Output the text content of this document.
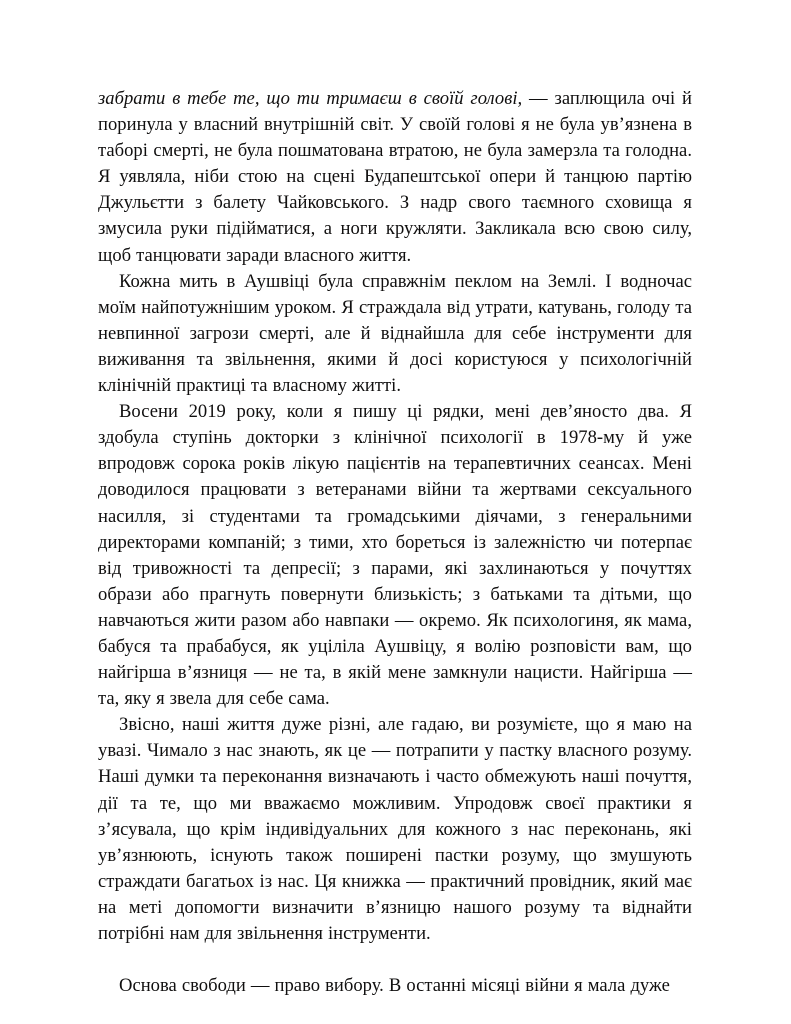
забрати в тебе те, що ти тримаєш в своїй голові, — заплющила очі й поринула у власний внутрішній світ. У своїй голові я не була ув’язнена в таборі смерті, не була пошматована втратою, не була замерзла та голодна. Я уявляла, ніби стою на сцені Будапештської опери й танцюю партію Джульєтти з балету Чайковського. З надр свого таємного сховища я змусила руки підійматися, а ноги кружляти. Закликала всю свою силу, щоб танцювати заради власного життя.

Кожна мить в Аушвіці була справжнім пеклом на Землі. І водночас моїм найпотужнішим уроком. Я страждала від утрати, катувань, голоду та невпинної загрози смерті, але й віднайшла для себе інструменти для виживання та звільнення, якими й досі користуюся у психологічній клінічній практиці та власному житті.

Восени 2019 року, коли я пишу ці рядки, мені дев’яносто два. Я здобула ступінь докторки з клінічної психології в 1978-му й уже впродовж сорока років лікую пацієнтів на терапевтичних сеансах. Мені доводилося працювати з ветеранами війни та жертвами сексуального насилля, зі студентами та громадськими діячами, з генеральними директорами компаній; з тими, хто бореться із залежністю чи потерпає від тривожності та депресії; з парами, які захлинаються у почуттях образи або прагнуть повернути близькість; з батьками та дітьми, що навчаються жити разом або навпаки — окремо. Як психологиня, як мама, бабуся та прабабуся, як уціліла Аушвіцу, я волію розповісти вам, що найгірша в’язниця — не та, в якій мене замкнули нацисти. Найгірша — та, яку я звела для себе сама.

Звісно, наші життя дуже різні, але гадаю, ви розумієте, що я маю на увазі. Чимало з нас знають, як це — потрапити у пастку власного розуму. Наші думки та переконання визначають і часто обмежують наші почуття, дії та те, що ми вважаємо можливим. Упродовж своєї практики я з’ясувала, що крім індивідуальних для кожного з нас переконань, які ув’язнюють, існують також поширені пастки розуму, що змушують страждати багатьох із нас. Ця книжка — практичний провідник, який має на меті допомогти визначити в’язницю нашого розуму та віднайти потрібні нам для звільнення інструменти.

Основа свободи — право вибору. В останні місяці війни я мала дуже
